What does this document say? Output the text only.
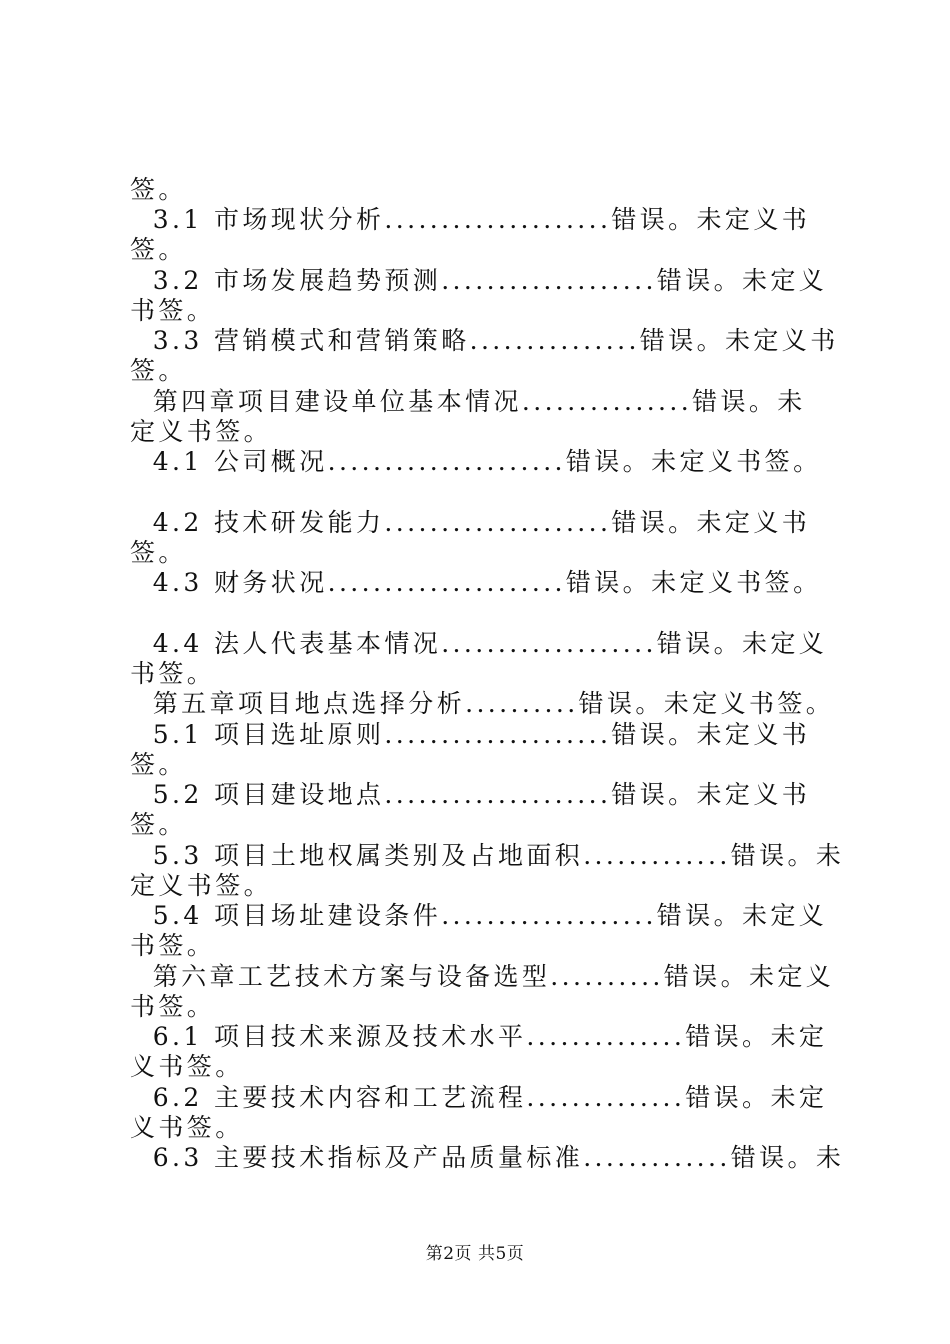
签。
3.1 市场现状分析....................错误。未定义书
签。
3.2 市场发展趋势预测...................错误。未定义
书签。
3.3 营销模式和营销策略...............错误。未定义书
签。
第四章项目建设单位基本情况...............错误。未
定义书签。
4.1 公司概况.....................错误。未定义书签。
4.2 技术研发能力....................错误。未定义书
签。
4.3 财务状况.....................错误。未定义书签。
4.4 法人代表基本情况...................错误。未定义
书签。
第五章项目地点选择分析..........错误。未定义书签。
5.1 项目选址原则....................错误。未定义书
签。
5.2 项目建设地点....................错误。未定义书
签。
5.3 项目土地权属类别及占地面积.............错误。未
定义书签。
5.4 项目场址建设条件...................错误。未定义
书签。
第六章工艺技术方案与设备选型..........错误。未定义
书签。
6.1 项目技术来源及技术水平..............错误。未定
义书签。
6.2 主要技术内容和工艺流程..............错误。未定
义书签。
6.3 主要技术指标及产品质量标准.............错误。未
第2页 共5页
